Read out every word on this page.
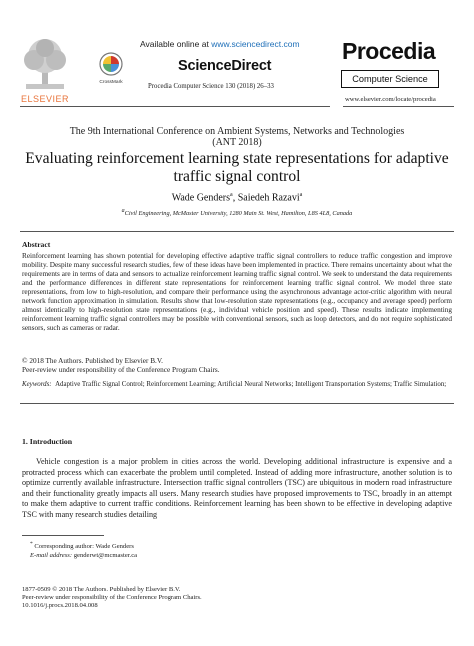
ELSEVIER
Available online at www.sciencedirect.com
CrossMark
ScienceDirect
Procedia Computer Science 130 (2018) 26–33
Procedia
Computer Science
www.elsevier.com/locate/procedia
The 9th International Conference on Ambient Systems, Networks and Technologies
(ANT 2018)
Evaluating reinforcement learning state representations for adaptive traffic signal control
Wade Genders$^a$, Saiedeh Razavi$^a$
$^a$Civil Engineering, McMaster University, 1280 Main St. West, Hamilton, L8S 4L8, Canada
Abstract
Reinforcement learning has shown potential for developing effective adaptive traffic signal controllers to reduce traffic congestion and improve mobility. Despite many successful research studies, few of these ideas have been implemented in practice. There remains uncertainty about what the requirements are in terms of data and sensors to actualize reinforcement learning traffic signal control. We seek to understand the data requirements and the performance differences in different state representations for reinforcement learning traffic signal control. We model three state representations, from low to high-resolution, and compare their performance using the asynchronous advantage actor-critic algorithm with neural network function approximation in simulation. Results show that low-resolution state representations (e.g., occupancy and average speed) perform almost identically to high-resolution state representations (e.g., individual vehicle position and speed). These results indicate implementing reinforcement learning traffic signal controllers may be possible with conventional sensors, such as loop detectors, and do not require sophisticated sensors, such as cameras or radar.
© 2018 The Authors. Published by Elsevier B.V.
Peer-review under responsibility of the Conference Program Chairs.
Keywords: Adaptive Traffic Signal Control; Reinforcement Learning; Artificial Neural Networks; Intelligent Transportation Systems; Traffic Simulation;
1. Introduction
Vehicle congestion is a major problem in cities across the world. Developing additional infrastructure is expensive and a protracted process which can exacerbate the problem until completed. Instead of adding more infrastructure, another solution is to optimize currently available infrastructure. Intersection traffic signal controllers (TSC) are ubiquitous in modern road infrastructure and their functionality greatly impacts all users. Many research studies have proposed improvements to TSC, broadly in an attempt to make them adaptive to current traffic conditions. Reinforcement learning has been shown to be effective in developing adaptive TSC with many research studies detailing
* Corresponding author: Wade Genders
E-mail address: genderwt@mcmaster.ca
1877-0509 © 2018 The Authors. Published by Elsevier B.V.
Peer-review under responsibility of the Conference Program Chairs.
10.1016/j.procs.2018.04.008
